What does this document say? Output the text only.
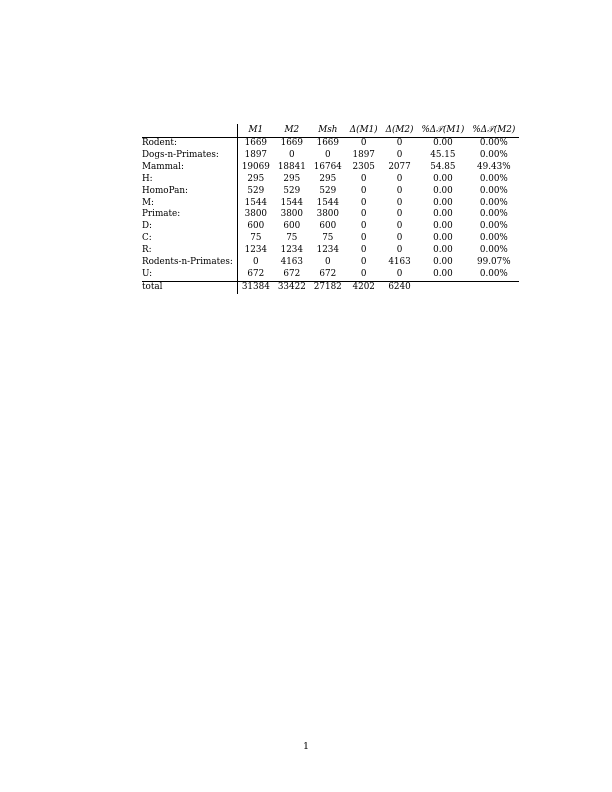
	M1	M2	Msh	Δ(M1)	Δ(M2)	%Δ𝒯(M1)	%Δ𝒯(M2)
Rodent:	1669	1669	1669	0	0	0.00	0.00%
Dogs-n-Primates:	1897	0	0	1897	0	45.15	0.00%
Mammal:	19069	18841	16764	2305	2077	54.85	49.43%
H:	295	295	295	0	0	0.00	0.00%
HomoPan:	529	529	529	0	0	0.00	0.00%
M:	1544	1544	1544	0	0	0.00	0.00%
Primate:	3800	3800	3800	0	0	0.00	0.00%
D:	600	600	600	0	0	0.00	0.00%
C:	75	75	75	0	0	0.00	0.00%
R:	1234	1234	1234	0	0	0.00	0.00%
Rodents-n-Primates:	0	4163	0	0	4163	0.00	99.07%
U:	672	672	672	0	0	0.00	0.00%
total	31384	33422	27182	4202	6240		
1
